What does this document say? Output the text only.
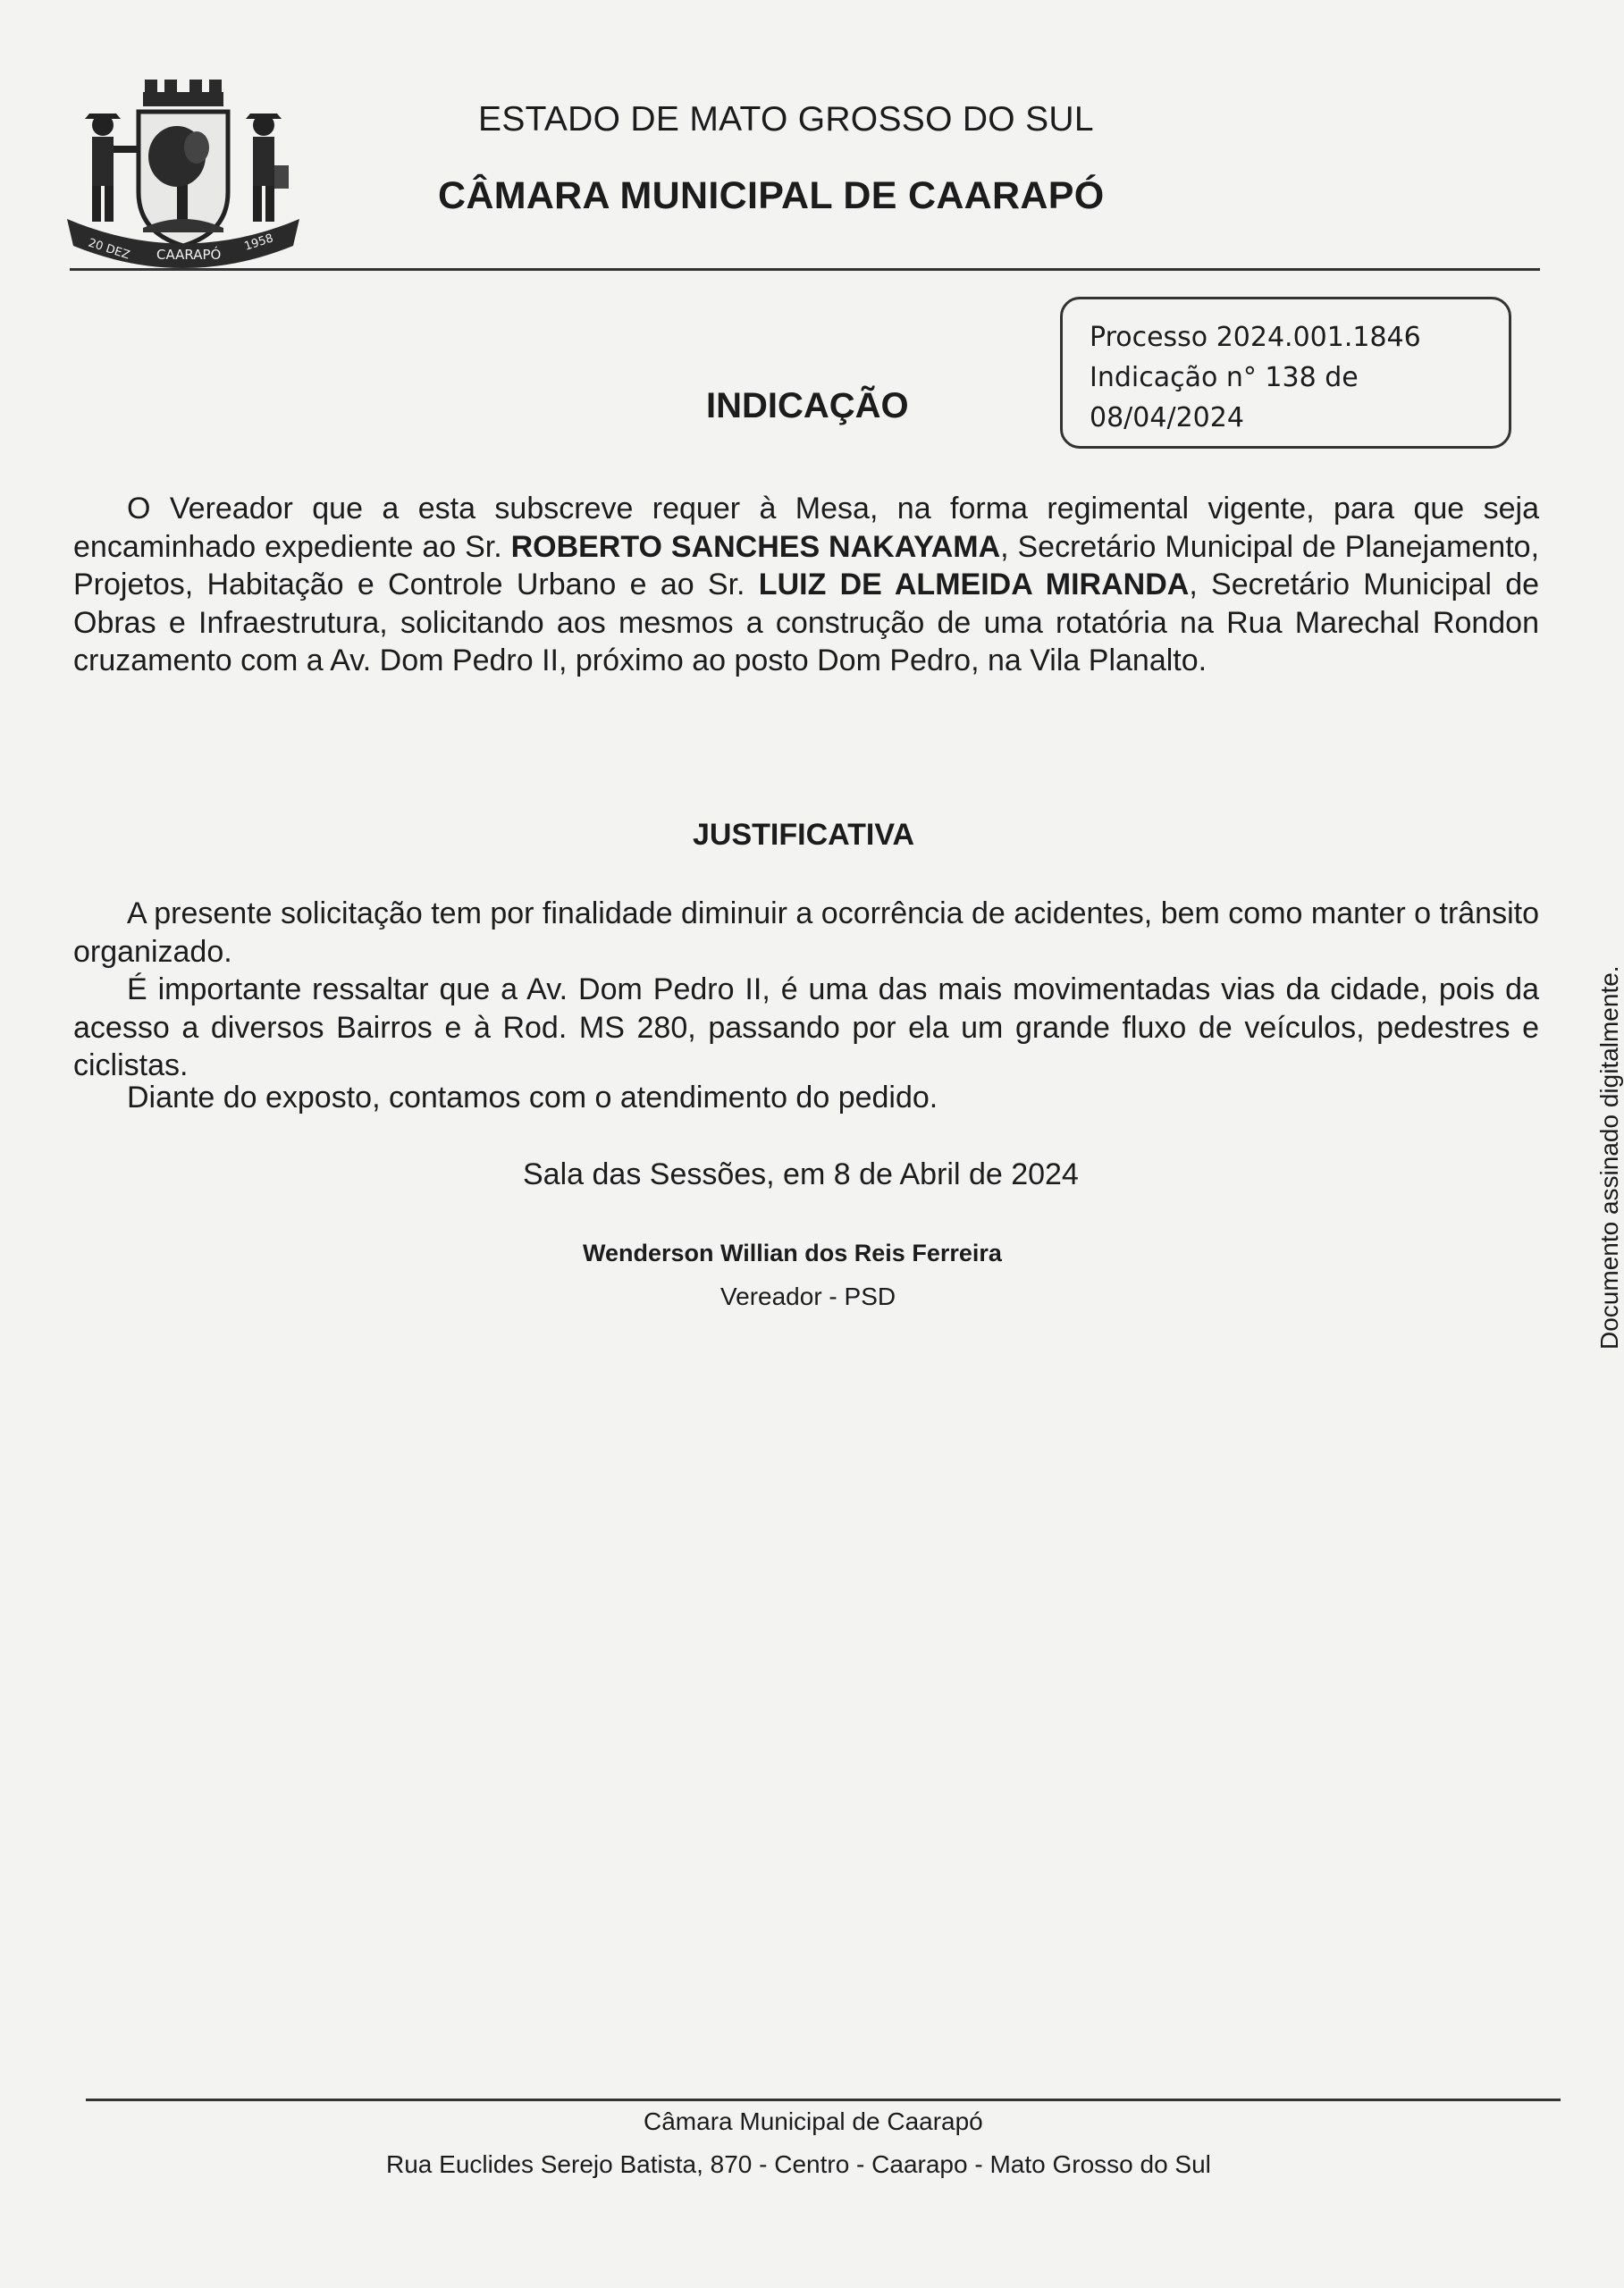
20 DEZ CAARAPÓ
1958
ESTADO DE MATO GROSSO DO SUL
CÂMARA MUNICIPAL DE CAARAPÓ
Processo 2024.001.1846
Indicação n° 138 de
08/04/2024
INDICAÇÃO
O Vereador que a esta subscreve requer à Mesa, na forma regimental vigente, para que seja encaminhado expediente ao Sr. ROBERTO SANCHES NAKAYAMA, Secretário Municipal de Planejamento, Projetos, Habitação e Controle Urbano e ao Sr. LUIZ DE ALMEIDA MIRANDA, Secretário Municipal de Obras e Infraestrutura, solicitando aos mesmos a construção de uma rotatória na Rua Marechal Rondon cruzamento com a Av. Dom Pedro II, próximo ao posto Dom Pedro, na Vila Planalto.
JUSTIFICATIVA
A presente solicitação tem por finalidade diminuir a ocorrência de acidentes, bem como manter o trânsito organizado.
É importante ressaltar que a Av. Dom Pedro II, é uma das mais movimentadas vias da cidade, pois da acesso a diversos Bairros e à Rod. MS 280, passando por ela um grande fluxo de veículos, pedestres e ciclistas.
Diante do exposto, contamos com o atendimento do pedido.
Sala das Sessões, em 8 de Abril de 2024
Wenderson Willian dos Reis Ferreira
Vereador - PSD	Documento assinado digitalmente.
Câmara Municipal de Caarapó
Rua Euclides Serejo Batista, 870 - Centro - Caarapo - Mato Grosso do Sul
